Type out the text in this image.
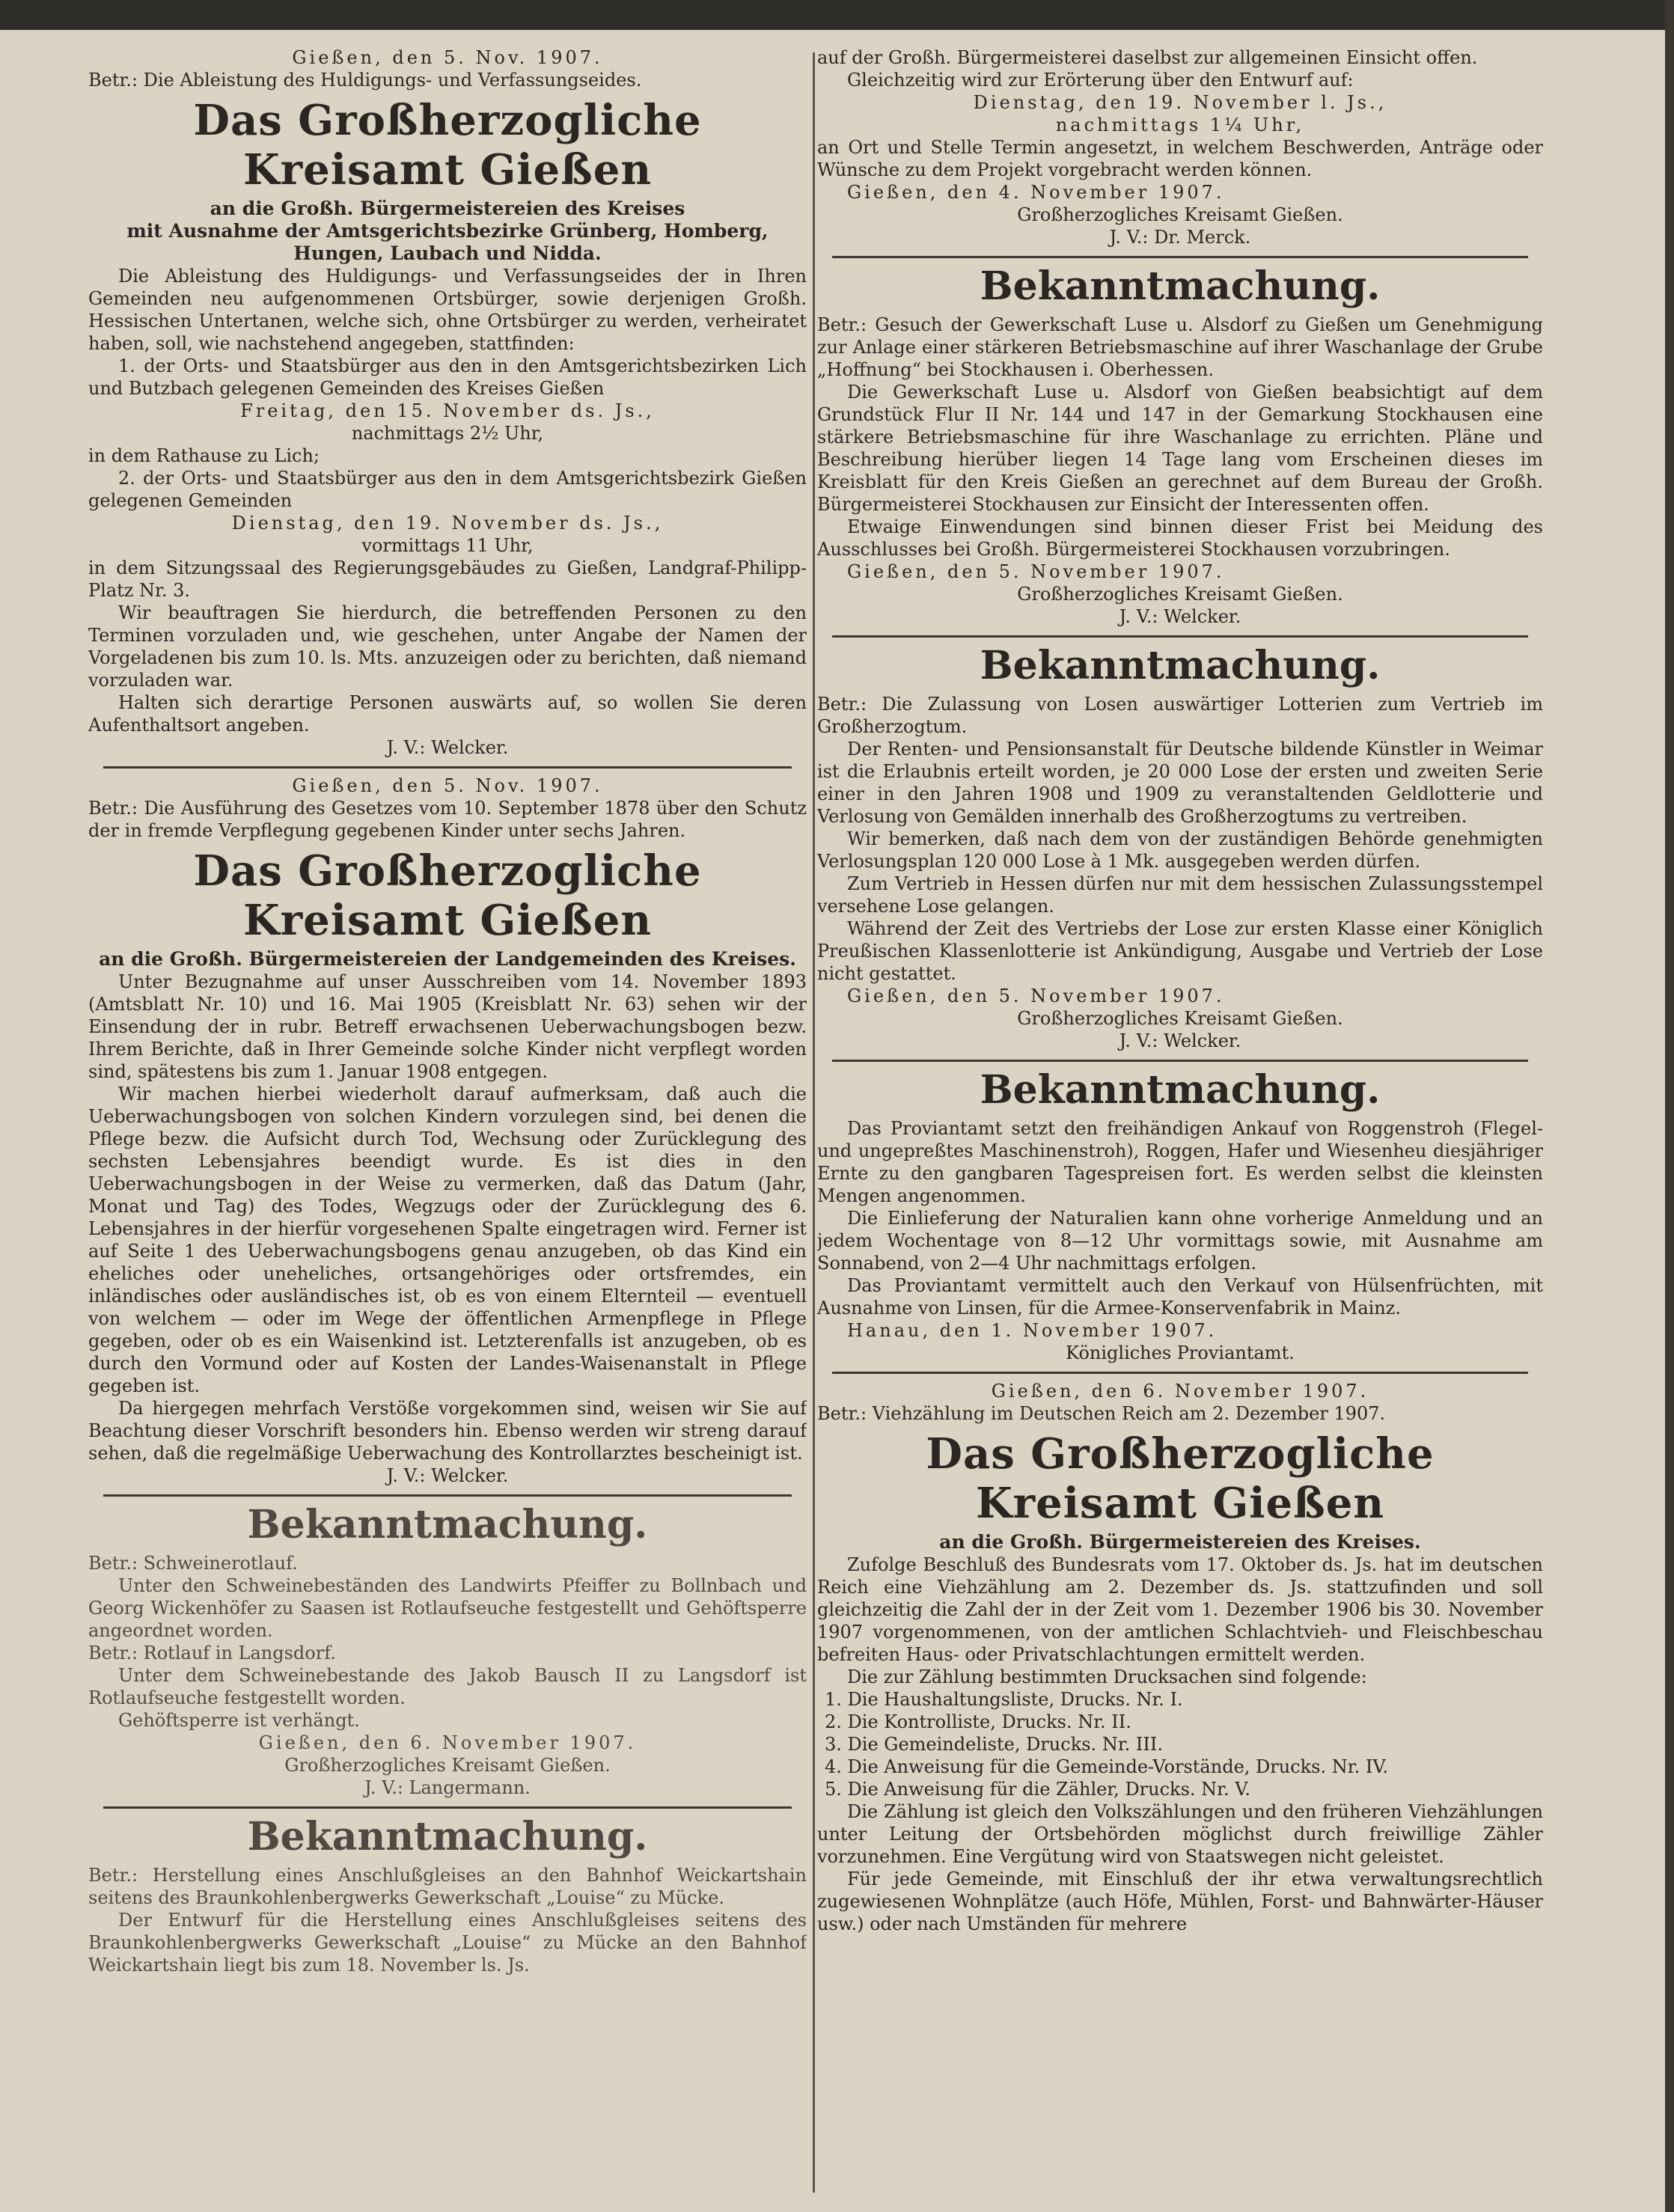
Gießen, den 5. Nov. 1907.

Betr.: Die Ableistung des Huldigungs- und Verfassungseides.

Das Großherzogliche Kreisamt Gießen

an die Großh. Bürgermeistereien des Kreises

mit Ausnahme der Amtsgerichtsbezirke Grünberg, Homberg, Hungen, Laubach und Nidda.

Die Ableistung des Huldigungs- und Verfassungseides der in Ihren Gemeinden neu aufgenommenen Ortsbürger, sowie derjenigen Großh. Hessischen Untertanen, welche sich, ohne Ortsbürger zu werden, verheiratet haben, soll, wie nachstehend angegeben, stattfinden:

1. der Orts- und Staatsbürger aus den in den Amtsgerichtsbezirken Lich und Butzbach gelegenen Gemeinden des Kreises Gießen

Freitag, den 15. November ds. Js.,

nachmittags 2½ Uhr,

in dem Rathause zu Lich;

2. der Orts- und Staatsbürger aus den in dem Amtsgerichtsbezirk Gießen gelegenen Gemeinden

Dienstag, den 19. November ds. Js.,

vormittags 11 Uhr,

in dem Sitzungssaal des Regierungsgebäudes zu Gießen, Landgraf-Philipp-Platz Nr. 3.

Wir beauftragen Sie hierdurch, die betreffenden Personen zu den Terminen vorzuladen und, wie geschehen, unter Angabe der Namen der Vorgeladenen bis zum 10. ls. Mts. anzuzeigen oder zu berichten, daß niemand vorzuladen war.

Halten sich derartige Personen auswärts auf, so wollen Sie deren Aufenthaltsort angeben.

J. V.: Welcker.

Gießen, den 5. Nov. 1907.

Betr.: Die Ausführung des Gesetzes vom 10. September 1878 über den Schutz der in fremde Verpflegung gegebenen Kinder unter sechs Jahren.

Das Großherzogliche Kreisamt Gießen

an die Großh. Bürgermeistereien der Landgemeinden des Kreises.

Unter Bezugnahme auf unser Ausschreiben vom 14. November 1893 (Amtsblatt Nr. 10) und 16. Mai 1905 (Kreisblatt Nr. 63) sehen wir der Einsendung der in rubr. Betreff erwachsenen Ueberwachungsbogen bezw. Ihrem Berichte, daß in Ihrer Gemeinde solche Kinder nicht verpflegt worden sind, spätestens bis zum 1. Januar 1908 entgegen.

Wir machen hierbei wiederholt darauf aufmerksam, daß auch die Ueberwachungsbogen von solchen Kindern vorzulegen sind, bei denen die Pflege bezw. die Aufsicht durch Tod, Wechsung oder Zurücklegung des sechsten Lebensjahres beendigt wurde. Es ist dies in den Ueberwachungsbogen in der Weise zu vermerken, daß das Datum (Jahr, Monat und Tag) des Todes, Wegzugs oder der Zurücklegung des 6. Lebensjahres in der hierfür vorgesehenen Spalte eingetragen wird. Ferner ist auf Seite 1 des Ueberwachungsbogens genau anzugeben, ob das Kind ein eheliches oder uneheliches, ortsangehöriges oder ortsfremdes, ein inländisches oder ausländisches ist, ob es von einem Elternteil — eventuell von welchem — oder im Wege der öffentlichen Armenpflege in Pflege gegeben, oder ob es ein Waisenkind ist. Letzterenfalls ist anzugeben, ob es durch den Vormund oder auf Kosten der Landes-Waisenanstalt in Pflege gegeben ist.

Da hiergegen mehrfach Verstöße vorgekommen sind, weisen wir Sie auf Beachtung dieser Vorschrift besonders hin. Ebenso werden wir streng darauf sehen, daß die regelmäßige Ueberwachung des Kontrollarztes bescheinigt ist.

J. V.: Welcker.

Bekanntmachung.

Betr.: Schweinerotlauf.

Unter den Schweinebeständen des Landwirts Pfeiffer zu Bollnbach und Georg Wickenhöfer zu Saasen ist Rotlaufseuche festgestellt und Gehöftsperre angeordnet worden.

Betr.: Rotlauf in Langsdorf.

Unter dem Schweinebestande des Jakob Bausch II zu Langsdorf ist Rotlaufseuche festgestellt worden.

Gehöftsperre ist verhängt.

Gießen, den 6. November 1907.

Großherzogliches Kreisamt Gießen.

J. V.: Langermann.

Bekanntmachung.

Betr.: Herstellung eines Anschlußgleises an den Bahnhof Weickartshain seitens des Braunkohlenbergwerks Gewerkschaft „Louise“ zu Mücke.

Der Entwurf für die Herstellung eines Anschlußgleises seitens des Braunkohlenbergwerks Gewerkschaft „Louise“ zu Mücke an den Bahnhof Weickartshain liegt bis zum 18. November ls. Js.

auf der Großh. Bürgermeisterei daselbst zur allgemeinen Einsicht offen.

Gleichzeitig wird zur Erörterung über den Entwurf auf:

Dienstag, den 19. November l. Js.,

nachmittags 1¼ Uhr,

an Ort und Stelle Termin angesetzt, in welchem Beschwerden, Anträge oder Wünsche zu dem Projekt vorgebracht werden können.

Gießen, den 4. November 1907.

Großherzogliches Kreisamt Gießen.

J. V.: Dr. Merck.

Bekanntmachung.

Betr.: Gesuch der Gewerkschaft Luse u. Alsdorf zu Gießen um Genehmigung zur Anlage einer stärkeren Betriebsmaschine auf ihrer Waschanlage der Grube „Hoffnung“ bei Stockhausen i. Oberhessen.

Die Gewerkschaft Luse u. Alsdorf von Gießen beabsichtigt auf dem Grundstück Flur II Nr. 144 und 147 in der Gemarkung Stockhausen eine stärkere Betriebsmaschine für ihre Waschanlage zu errichten. Pläne und Beschreibung hierüber liegen 14 Tage lang vom Erscheinen dieses im Kreisblatt für den Kreis Gießen an gerechnet auf dem Bureau der Großh. Bürgermeisterei Stockhausen zur Einsicht der Interessenten offen.

Etwaige Einwendungen sind binnen dieser Frist bei Meidung des Ausschlusses bei Großh. Bürgermeisterei Stockhausen vorzubringen.

Gießen, den 5. November 1907.

Großherzogliches Kreisamt Gießen.

J. V.: Welcker.

Bekanntmachung.

Betr.: Die Zulassung von Losen auswärtiger Lotterien zum Vertrieb im Großherzogtum.

Der Renten- und Pensionsanstalt für Deutsche bildende Künstler in Weimar ist die Erlaubnis erteilt worden, je 20 000 Lose der ersten und zweiten Serie einer in den Jahren 1908 und 1909 zu veranstaltenden Geldlotterie und Verlosung von Gemälden innerhalb des Großherzogtums zu vertreiben.

Wir bemerken, daß nach dem von der zuständigen Behörde genehmigten Verlosungsplan 120 000 Lose à 1 Mk. ausgegeben werden dürfen.

Zum Vertrieb in Hessen dürfen nur mit dem hessischen Zulassungsstempel versehene Lose gelangen.

Während der Zeit des Vertriebs der Lose zur ersten Klasse einer Königlich Preußischen Klassenlotterie ist Ankündigung, Ausgabe und Vertrieb der Lose nicht gestattet.

Gießen, den 5. November 1907.

Großherzogliches Kreisamt Gießen.

J. V.: Welcker.

Bekanntmachung.

Das Proviantamt setzt den freihändigen Ankauf von Roggenstroh (Flegel- und ungepreßtes Maschinenstroh), Roggen, Hafer und Wiesenheu diesjähriger Ernte zu den gangbaren Tagespreisen fort. Es werden selbst die kleinsten Mengen angenommen.

Die Einlieferung der Naturalien kann ohne vorherige Anmeldung und an jedem Wochentage von 8—12 Uhr vormittags sowie, mit Ausnahme am Sonnabend, von 2—4 Uhr nachmittags erfolgen.

Das Proviantamt vermittelt auch den Verkauf von Hülsenfrüchten, mit Ausnahme von Linsen, für die Armee-Konservenfabrik in Mainz.

Hanau, den 1. November 1907.

Königliches Proviantamt.

Gießen, den 6. November 1907.

Betr.: Viehzählung im Deutschen Reich am 2. Dezember 1907.

Das Großherzogliche Kreisamt Gießen

an die Großh. Bürgermeistereien des Kreises.

Zufolge Beschluß des Bundesrats vom 17. Oktober ds. Js. hat im deutschen Reich eine Viehzählung am 2. Dezember ds. Js. stattzufinden und soll gleichzeitig die Zahl der in der Zeit vom 1. Dezember 1906 bis 30. November 1907 vorgenommenen, von der amtlichen Schlachtvieh- und Fleischbeschau befreiten Haus- oder Privatschlachtungen ermittelt werden.

Die zur Zählung bestimmten Drucksachen sind folgende:

1. Die Haushaltungsliste, Drucks. Nr. I.

2. Die Kontrolliste, Drucks. Nr. II.

3. Die Gemeindeliste, Drucks. Nr. III.

4. Die Anweisung für die Gemeinde-Vorstände, Drucks. Nr. IV.

5. Die Anweisung für die Zähler, Drucks. Nr. V.

Die Zählung ist gleich den Volkszählungen und den früheren Viehzählungen unter Leitung der Ortsbehörden möglichst durch freiwillige Zähler vorzunehmen. Eine Vergütung wird von Staatswegen nicht geleistet.

Für jede Gemeinde, mit Einschluß der ihr etwa verwaltungsrechtlich zugewiesenen Wohnplätze (auch Höfe, Mühlen, Forst- und Bahnwärter-Häuser usw.) oder nach Umständen für mehrere
